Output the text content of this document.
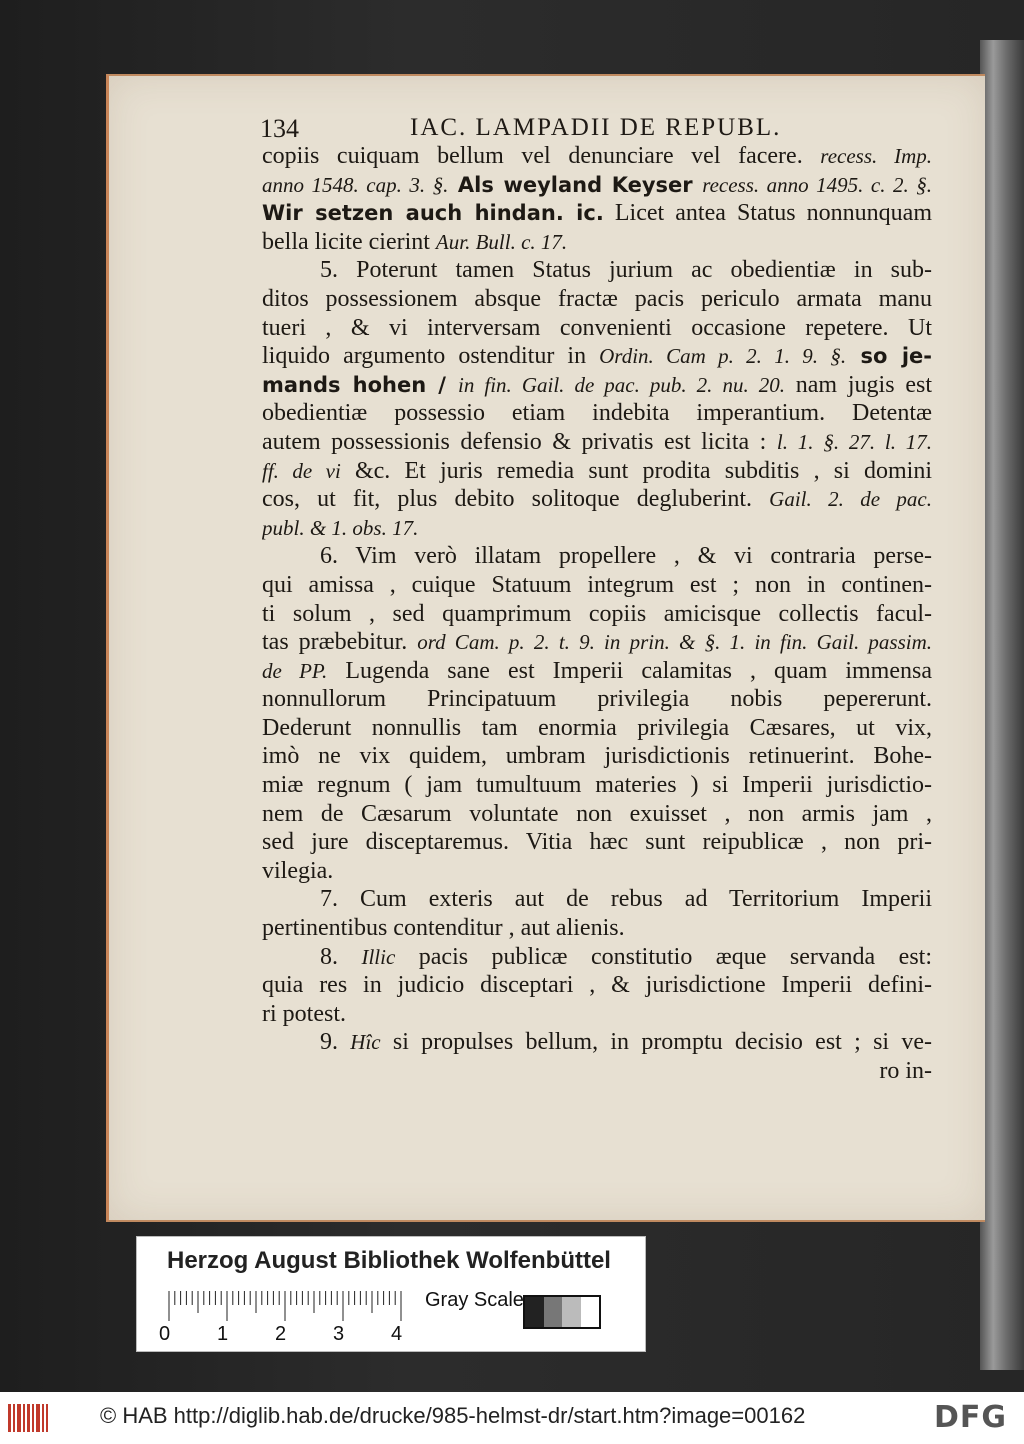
134	IAC. LAMPADII DE REPUBL.
copiis cuiquam bellum vel denunciare vel facere. recess. Imp.
anno 1548. cap. 3. §. Als weyland Keyser recess. anno 1495. c. 2. §.
Wir setzen auch hindan. ic. Licet antea Status nonnunquam
bella licite cierint Aur. Bull. c. 17.
5. Poterunt tamen Status jurium ac obedientiæ in sub-
ditos possessionem absque fractæ pacis periculo armata manu
tueri , & vi interversam convenienti occasione repetere. Ut
liquido argumento ostenditur in Ordin. Cam p. 2. 1. 9. §. so je-
mands hohen / in fin. Gail. de pac. pub. 2. nu. 20. nam jugis est
obedientiæ possessio etiam indebita imperantium. Detentæ
autem possessionis defensio & privatis est licita : l. 1. §. 27. l. 17.
ff. de vi &c. Et juris remedia sunt prodita subditis , si domini
cos, ut fit, plus debito solitoque degluberint. Gail. 2. de pac.
publ. & 1. obs. 17.
6. Vim verò illatam propellere , & vi contraria perse-
qui amissa , cuique Statuum integrum est ; non in continen-
ti solum , sed quamprimum copiis amicisque collectis facul-
tas præbebitur. ord Cam. p. 2. t. 9. in prin. & §. 1. in fin. Gail. passim.
de PP. Lugenda sane est Imperii calamitas , quam immensa
nonnullorum Principatuum privilegia nobis pepererunt.
Dederunt nonnullis tam enormia privilegia Cæsares, ut vix,
imò ne vix quidem, umbram jurisdictionis retinuerint. Bohe-
miæ regnum ( jam tumultuum materies ) si Imperii jurisdictio-
nem de Cæsarum voluntate non exuisset , non armis jam ,
sed jure disceptaremus. Vitia hæc sunt reipublicæ , non pri-
vilegia.
7. Cum exteris aut de rebus ad Territorium Imperii
pertinentibus contenditur , aut alienis.
8. Illic pacis publicæ constitutio æque servanda est:
quia res in judicio disceptari , & jurisdictione Imperii defini-
ri potest.
9. Hîc si propulses bellum, in promptu decisio est ; si ve-
ro in-
Herzog August Bibliothek Wolfenbüttel
0 1 2 3 4
Gray Scale
© HAB http://diglib.hab.de/drucke/985-helmst-dr/start.htm?image=00162	DFG
